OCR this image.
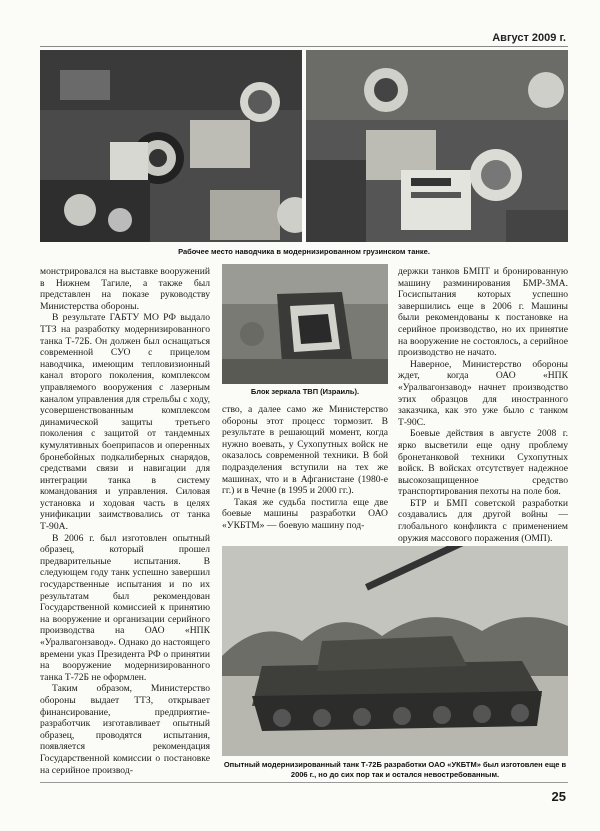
Август 2009 г.
Рабочее место наводчика в модернизированном грузинском танке.

монстрировался на выставке вооружений в Нижнем Тагиле, а также был представлен на показе руководству Министерства обороны.

В результате ГАБТУ МО РФ выдало ТТЗ на разработку модернизированного танка Т-72Б. Он должен был оснащаться современной СУО с прицелом наводчика, имеющим тепловизионный канал второго поколения, комплексом управляемого вооружения с лазерным каналом управления для стрельбы с ходу, усовершенствованным комплексом динамической защиты третьего поколения с защитой от тандемных кумулятивных боеприпасов и оперенных бронебойных подкалиберных снарядов, средствами связи и навигации для интеграции танка в систему командования и управления. Силовая установка и ходовая часть в целях унификации заимствовались от танка Т-90А.

В 2006 г. был изготовлен опытный образец, который прошел предварительные испытания. В следующем году танк успешно завершил государственные испытания и по их результатам был рекомендован Государственной комиссией к принятию на вооружение и организации серийного производства на ОАО «НПК «Уралвагонзавод». Однако до настоящего времени указ Президента РФ о принятии на вооружение модернизированного танка Т-72Б не оформлен.

Таким образом, Министерство обороны выдает ТТЗ, открывает финансирование, предприятие-разработчик изготавливает опытный образец, проводятся испытания, появляется рекомендация Государственной комиссии о постановке на серийное производ-

Блок зеркала ТВП (Израиль).

ство, а далее само же Министерство обороны этот процесс тормозит. В результате в решающий момент, когда нужно воевать, у Сухопутных войск не оказалось современной техники. В бой подразделения вступили на тех же машинах, что и в Афганистане (1980-е гг.) и в Чечне (в 1995 и 2000 гг.).

Такая же судьба постигла еще две боевые машины разработки ОАО «УКБТМ» — боевую машину под-

держки танков БМПТ и бронированную машину разминирования БМР-3МА. Госиспытания которых успешно завершились еще в 2006 г. Машины были рекомендованы к постановке на серийное производство, но их принятие на вооружение не состоялось, а серийное производство не начато.

Наверное, Министерство обороны ждет, когда ОАО «НПК «Уралвагонзавод» начнет производство этих образцов для иностранного заказчика, как это уже было с танком Т-90С.

Боевые действия в августе 2008 г. ярко высветили еще одну проблему бронетанковой техники Сухопутных войск. В войсках отсутствует надежное высокозащищенное средство транспортирования пехоты на поле боя.

БТР и БМП советской разработки создавались для другой войны — глобального конфликта с применением оружия массового поражения (ОМП).

Опытный модернизированный танк Т-72Б разработки ОАО «УКБТМ» был изготовлен еще в 2006 г., но до сих пор так и остался невостребованным.
25
